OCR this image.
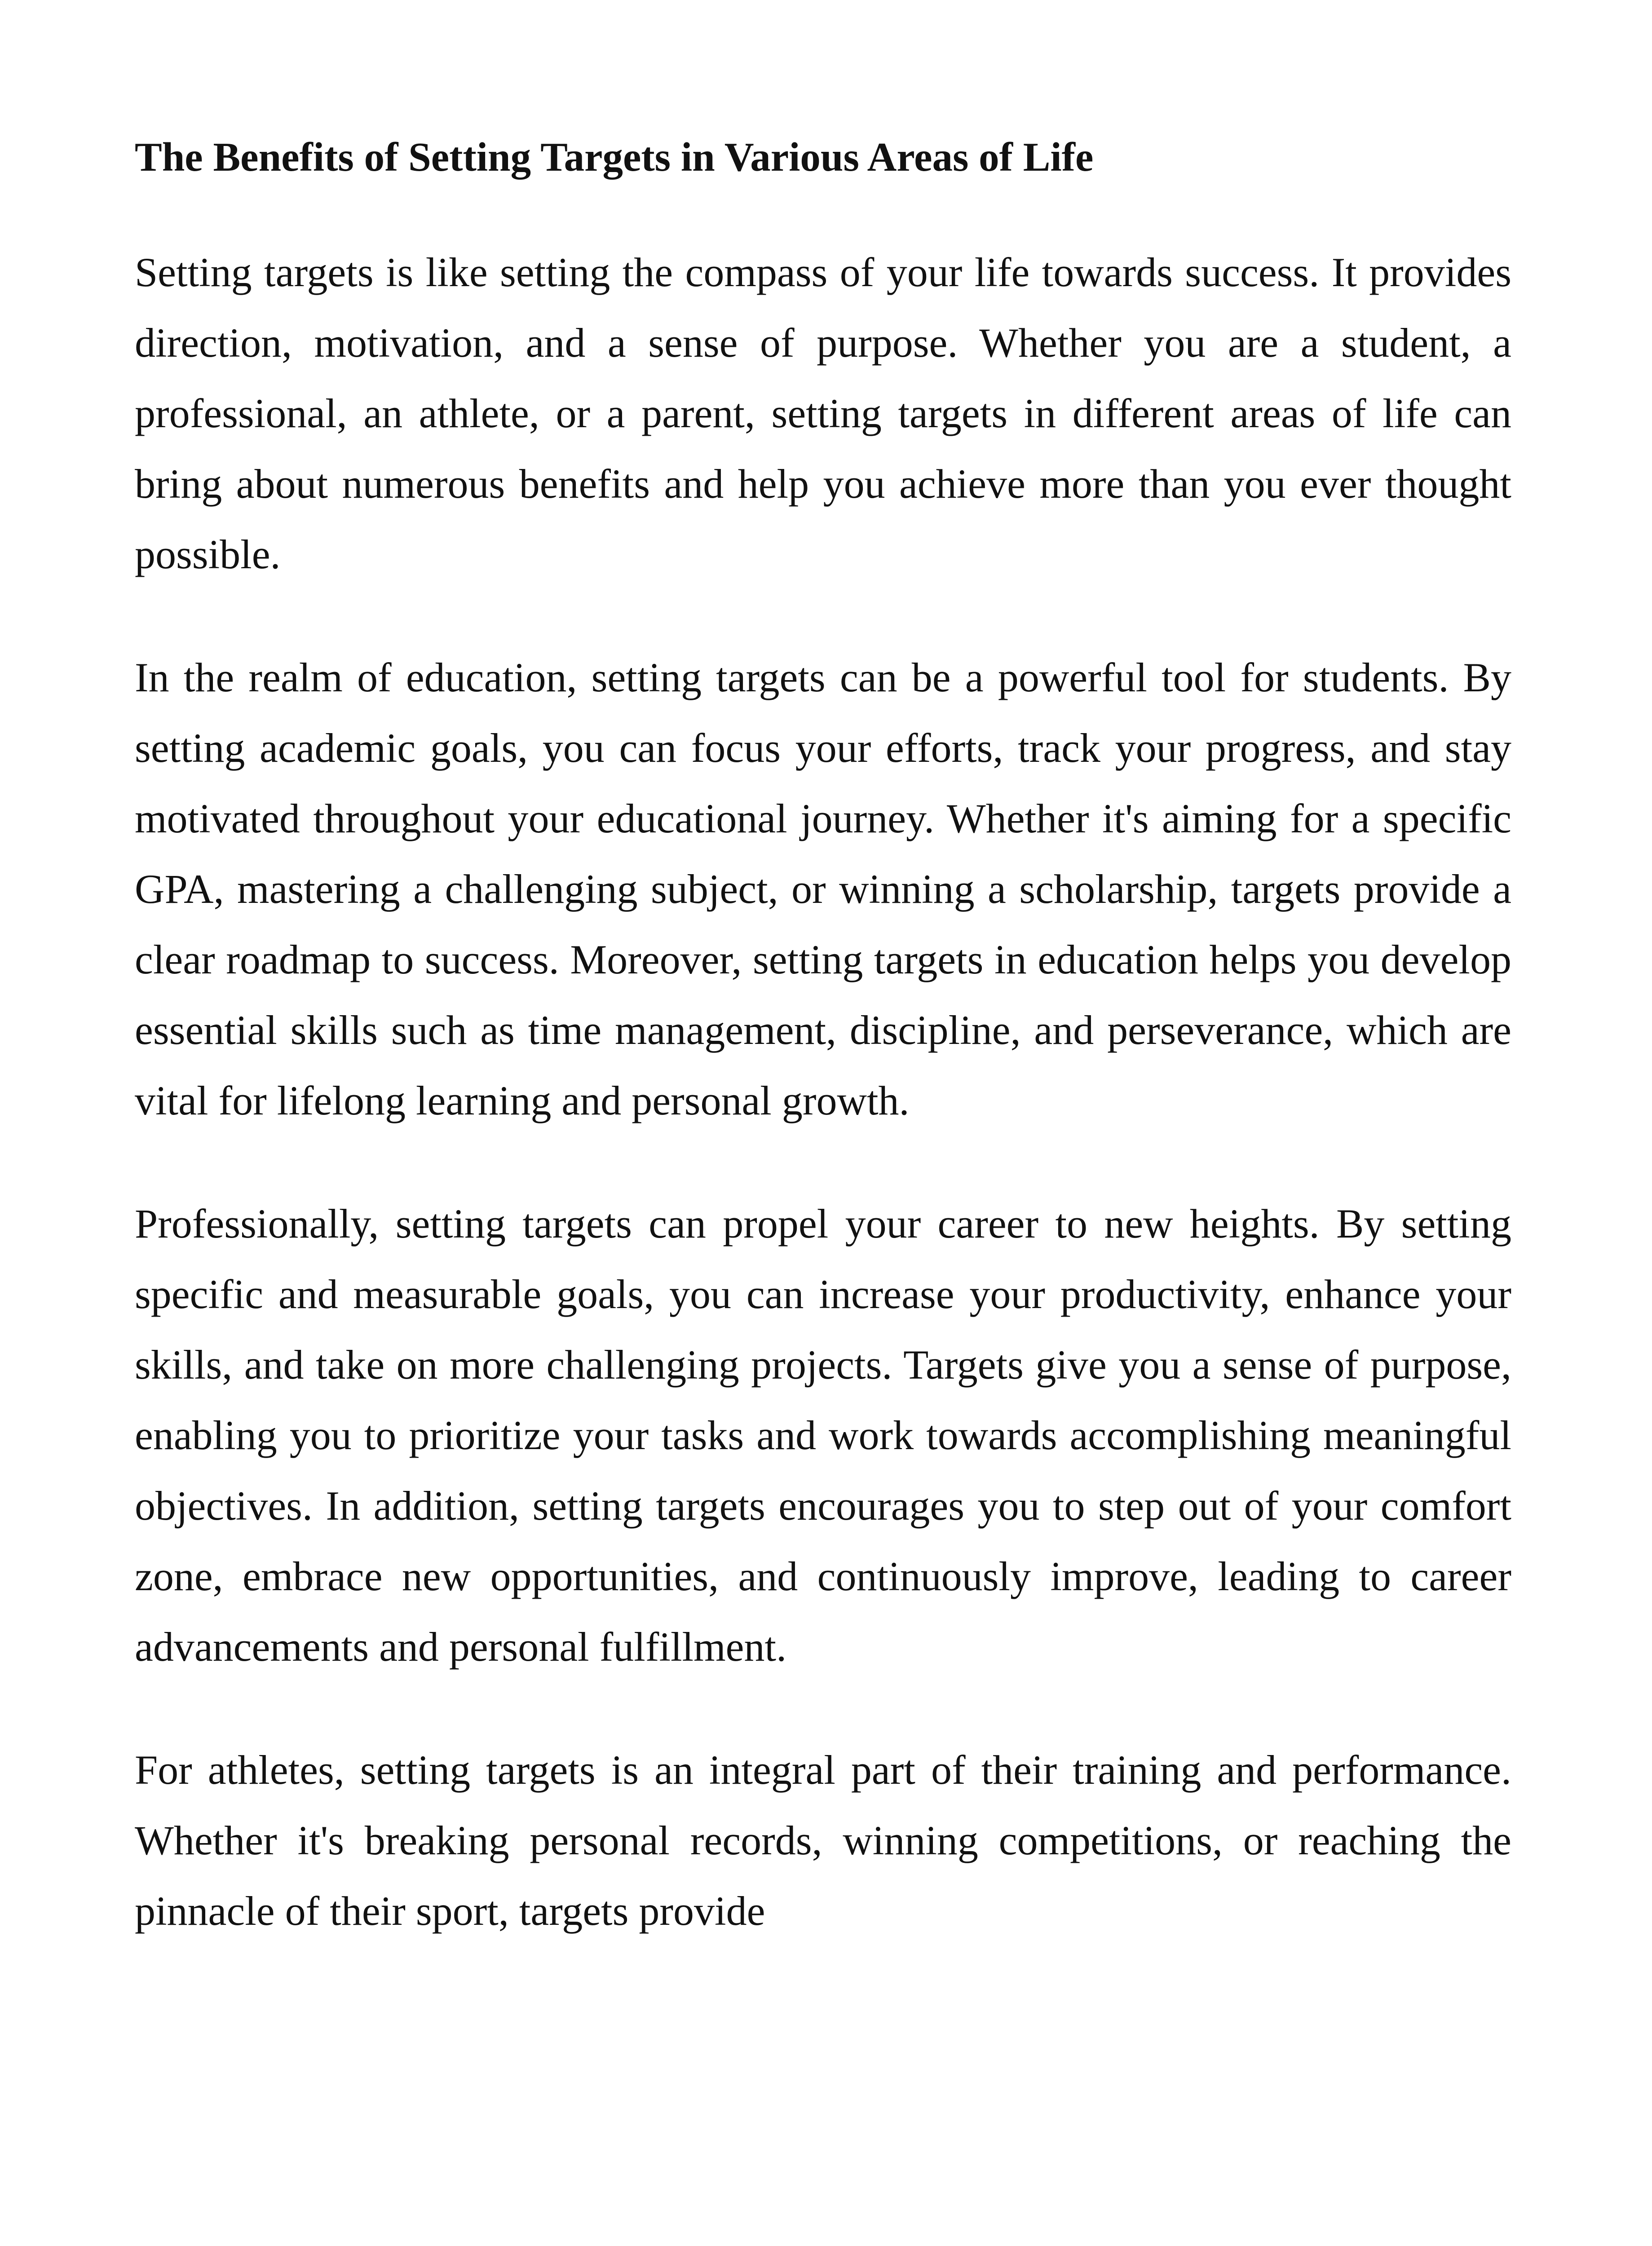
The Benefits of Setting Targets in Various Areas of Life

Setting targets is like setting the compass of your life towards success. It provides direction, motivation, and a sense of purpose. Whether you are a student, a professional, an athlete, or a parent, setting targets in different areas of life can bring about numerous benefits and help you achieve more than you ever thought possible.

In the realm of education, setting targets can be a powerful tool for students. By setting academic goals, you can focus your efforts, track your progress, and stay motivated throughout your educational journey. Whether it's aiming for a specific GPA, mastering a challenging subject, or winning a scholarship, targets provide a clear roadmap to success. Moreover, setting targets in education helps you develop essential skills such as time management, discipline, and perseverance, which are vital for lifelong learning and personal growth.

Professionally, setting targets can propel your career to new heights. By setting specific and measurable goals, you can increase your productivity, enhance your skills, and take on more challenging projects. Targets give you a sense of purpose, enabling you to prioritize your tasks and work towards accomplishing meaningful objectives. In addition, setting targets encourages you to step out of your comfort zone, embrace new opportunities, and continuously improve, leading to career advancements and personal fulfillment.

For athletes, setting targets is an integral part of their training and performance. Whether it's breaking personal records, winning competitions, or reaching the pinnacle of their sport, targets provide
